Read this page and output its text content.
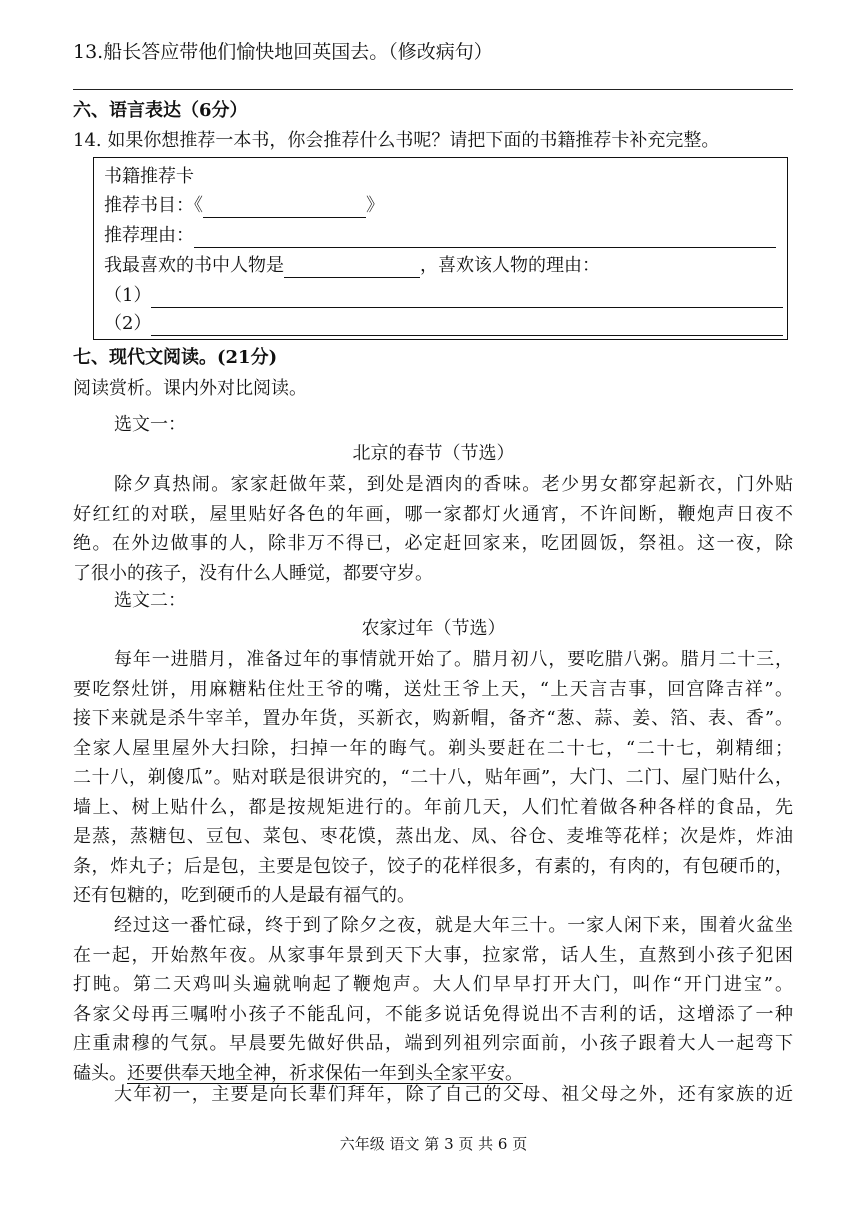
13.船长答应带他们愉快地回英国去。（修改病句）
六、语言表达（6分）
14. 如果你想推荐一本书，你会推荐什么书呢？请把下面的书籍推荐卡补充完整。
书籍推荐卡
推荐书目：《	》
推荐理由：
我最喜欢的书中人物是	，喜欢该人物的理由：
（1）
（2）
七、现代文阅读。(21分)
阅读赏析。课内外对比阅读。
选文一：
北京的春节（节选）
除夕真热闹。家家赶做年菜，到处是酒肉的香味。老少男女都穿起新衣，门外贴
好红红的对联，屋里贴好各色的年画，哪一家都灯火通宵，不许间断，鞭炮声日夜不
绝。在外边做事的人，除非万不得已，必定赶回家来，吃团圆饭，祭祖。这一夜，除
了很小的孩子，没有什么人睡觉，都要守岁。
选文二：
农家过年（节选）
每年一进腊月，准备过年的事情就开始了。腊月初八，要吃腊八粥。腊月二十三，
要吃祭灶饼，用麻糖粘住灶王爷的嘴，送灶王爷上天，“上天言吉事，回宫降吉祥”。
接下来就是杀牛宰羊，置办年货，买新衣，购新帽，备齐“葱、蒜、姜、箔、表、香”。
全家人屋里屋外大扫除，扫掉一年的晦气。剃头要赶在二十七，“二十七，剃精细；
二十八，剃傻瓜”。贴对联是很讲究的，“二十八，贴年画”，大门、二门、屋门贴什么，
墙上、树上贴什么，都是按规矩进行的。年前几天，人们忙着做各种各样的食品，先
是蒸，蒸糖包、豆包、菜包、枣花馍，蒸出龙、凤、谷仓、麦堆等花样；次是炸，炸油
条，炸丸子；后是包，主要是包饺子，饺子的花样很多，有素的，有肉的，有包硬币的，
还有包糖的，吃到硬币的人是最有福气的。
经过这一番忙碌，终于到了除夕之夜，就是大年三十。一家人闲下来，围着火盆坐
在一起，开始熬年夜。从家事年景到天下大事，拉家常，话人生，直熬到小孩子犯困
打盹。第二天鸡叫头遍就响起了鞭炮声。大人们早早打开大门，叫作“开门进宝”。
各家父母再三嘱咐小孩子不能乱问，不能多说话免得说出不吉利的话，这增添了一种
庄重肃穆的气氛。早晨要先做好供品，端到列祖列宗面前，小孩子跟着大人一起弯下
磕头。还要供奉天地全神，祈求保佑一年到头全家平安。
大年初一，主要是向长辈们拜年，除了自己的父母、祖父母之外，还有家族的近
六年级 语文 第 3 页 共 6 页
